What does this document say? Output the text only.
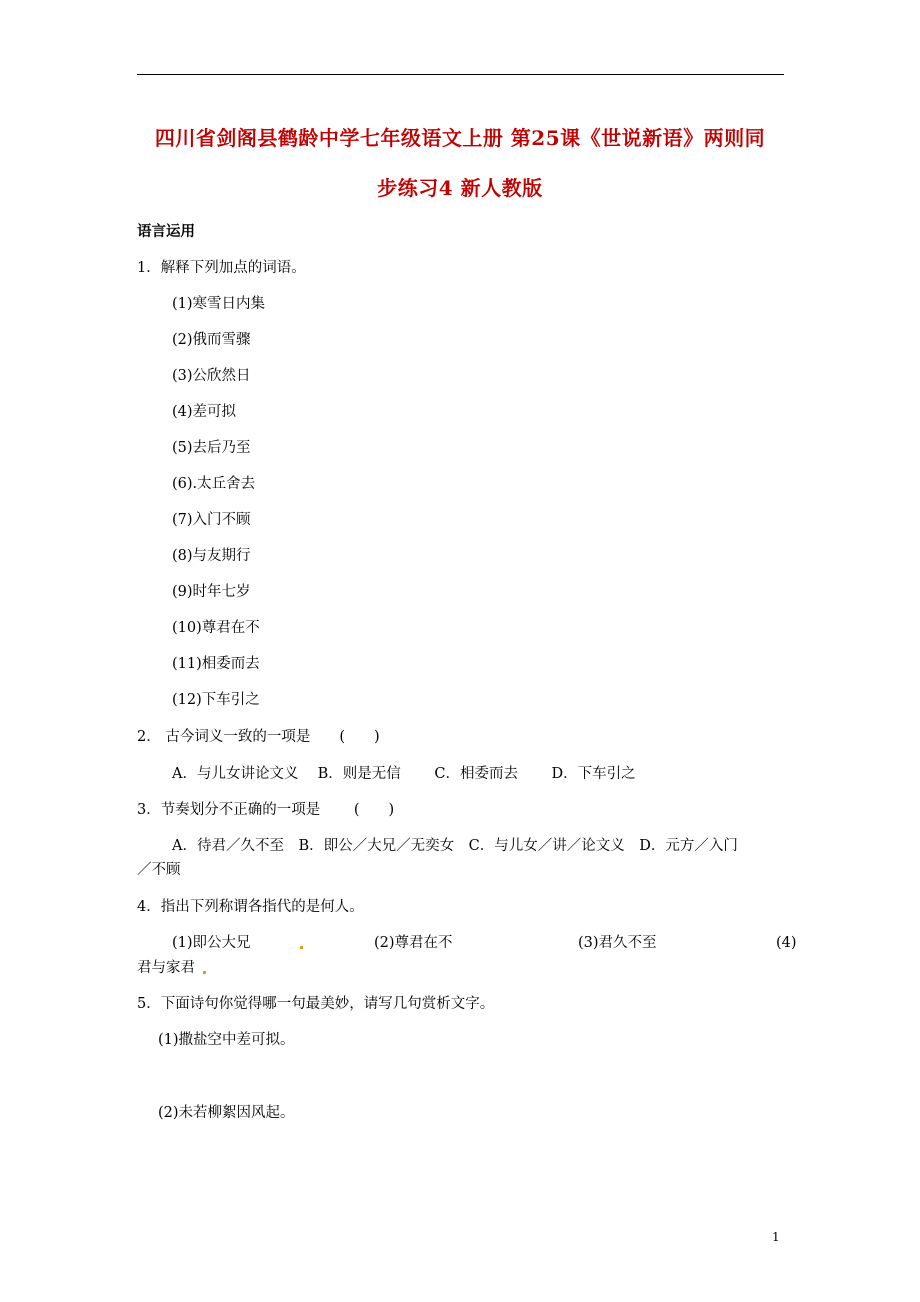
四川省剑阁县鹤龄中学七年级语文上册 第25课《世说新语》两则同
步练习4 新人教版
语言运用
1．解释下列加点的词语。
(1)寒雪日内集
(2)俄而雪骤
(3)公欣然日
(4)差可拟
(5)去后乃至
(6).太丘舍去
(7)入门不顾
(8)与友期行
(9)时年七岁
(10)尊君在不
(11)相委而去
(12)下车引之
2． 古今词义一致的一项是　　(　　)
A．与儿女讲论文义　 B．则是无信　　 C．相委而去　　 D．下车引之
3．节奏划分不正确的一项是　　 (　　)
A．待君／久不至　B．即公／大兄／无奕女　C．与儿女／讲／论文义　D．元方／入门
／不顾
4．指出下列称谓各指代的是何人。
(1)即公大兄	(2)尊君在不	(3)君久不至	(4)
君与家君
5．下面诗句你觉得哪一句最美妙，请写几句赏析文字。
(1)撒盐空中差可拟。
(2)未若柳絮因风起。
1
